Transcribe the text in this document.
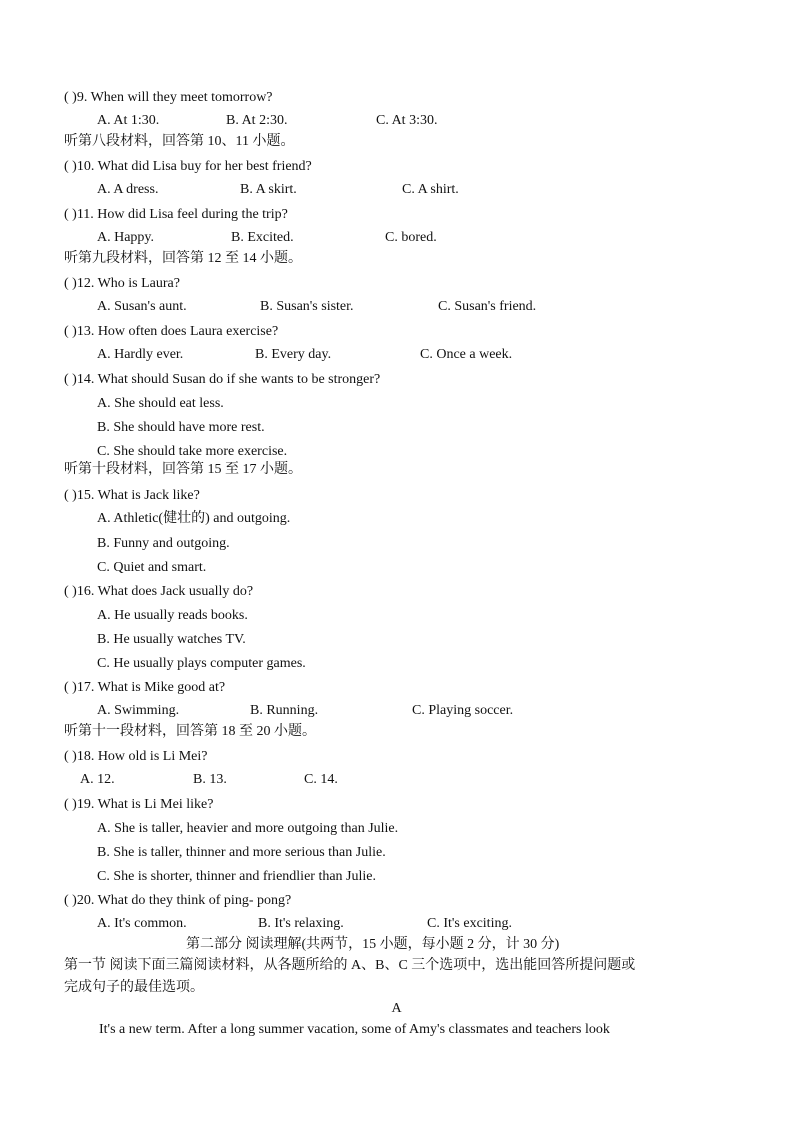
( )9. When will they meet tomorrow?
A. At 1:30.	B. At 2:30.	C. At 3:30.
听第八段材料，回答第 10、11 小题。
( )10. What did Lisa buy for her best friend?
A. A dress.	B. A skirt.	C. A shirt.
( )11. How did Lisa feel during the trip?
A. Happy.	B. Excited.	C. bored.
听第九段材料，回答第 12 至 14 小题。
( )12. Who is Laura?
A. Susan's aunt.	B. Susan's sister.	C. Susan's friend.
( )13. How often does Laura exercise?
A. Hardly ever.	B. Every day.	C. Once a week.
( )14. What should Susan do if she wants to be stronger?
A. She should eat less.
B. She should have more rest.
C. She should take more exercise.
听第十段材料，回答第 15 至 17 小题。
( )15. What is Jack like?
A. Athletic(健壮的) and outgoing.
B. Funny and outgoing.
C. Quiet and smart.
( )16. What does Jack usually do?
A. He usually reads books.
B. He usually watches TV.
C. He usually plays computer games.
( )17. What is Mike good at?
A. Swimming.	B. Running.	C. Playing soccer.
听第十一段材料，回答第 18 至 20 小题。
( )18. How old is Li Mei?
A. 12.	B. 13.	C. 14.
( )19. What is Li Mei like?
A. She is taller, heavier and more outgoing than Julie.
B. She is taller, thinner and more serious than Julie.
C. She is shorter, thinner and friendlier than Julie.
( )20. What do they think of ping- pong?
A. It's common.	B. It's relaxing.	C. It's exciting.
第二部分 阅读理解(共两节，15 小题，每小题 2 分，计 30 分)
第一节 阅读下面三篇阅读材料，从各题所给的 A、B、C 三个选项中，选出能回答所提问题或
完成句子的最佳选项。
A
It's a new term. After a long summer vacation, some of Amy's classmates and teachers look
